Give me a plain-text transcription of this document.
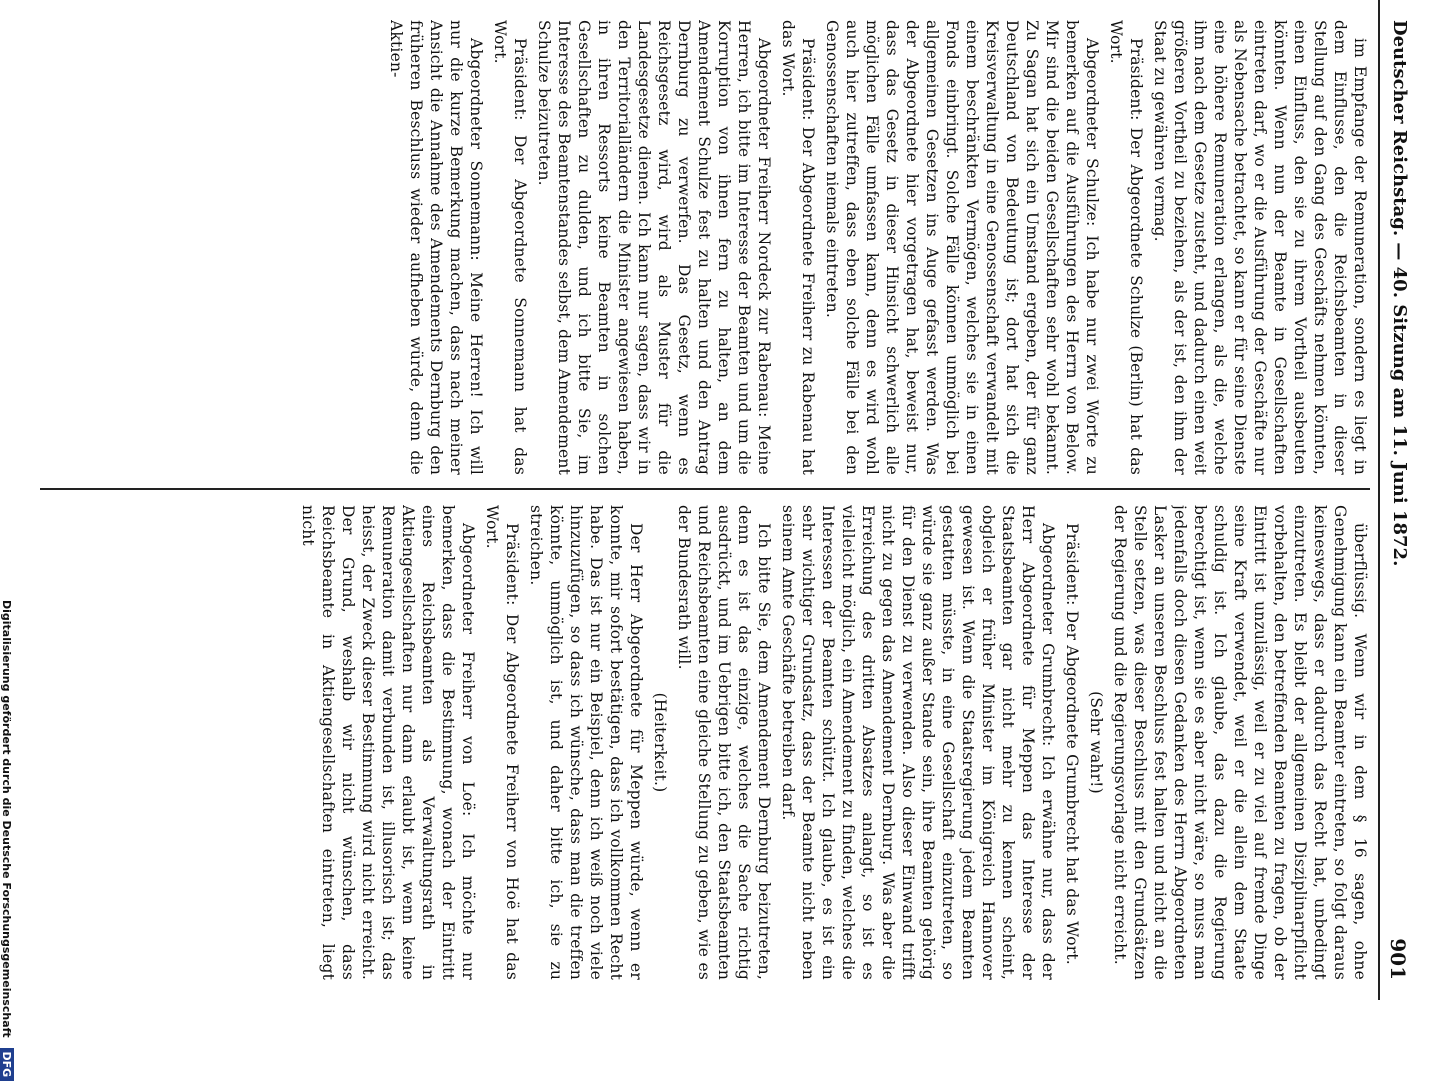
Deutscher Reichstag. — 40. Sitzung am 11. Juni 1872.
901

im Empfange der Remuneration, sondern es liegt in dem Einflusse, den die Reichsbeamten in dieser Stellung auf den Gang des Geschäfts nehmen könnten, einen Einfluss, den sie zu ihrem Vortheil ausbeuten könnten. Wenn nun der Beamte in Gesellschaften eintreten darf, wo er die Ausführung der Geschäfte nur als Nebensache betrachtet, so kann er für seine Dienste eine höhere Remuneration erlangen, als die, welche ihm nach dem Gesetze zusteht, und dadurch einen weit größeren Vortheil zu beziehen, als der ist, den ihm der Staat zu gewähren vermag.

Präsident: Der Abgeordnete Schulze (Berlin) hat das Wort.

Abgeordneter Schulze: Ich habe nur zwei Worte zu bemerken auf die Ausführungen des Herrn von Below. Mir sind die beiden Gesellschaften sehr wohl bekannt. Zu Sagan hat sich ein Umstand ergeben, der für ganz Deutschland von Bedeutung ist; dort hat sich die Kreisverwaltung in eine Genossenschaft verwandelt mit einem beschränkten Vermögen, welches sie in einen Fonds einbringt. Solche Fälle können unmöglich bei allgemeinen Gesetzen ins Auge gefasst werden. Was der Abgeordnete hier vorgetragen hat, beweist nur, dass das Gesetz in dieser Hinsicht schwerlich alle möglichen Fälle umfassen kann, denn es wird wohl auch hier zutreffen, dass eben solche Fälle bei den Genossenschaften niemals eintreten.

Präsident: Der Abgeordnete Freiherr zu Rabenau hat das Wort.

Abgeordneter Freiherr Nordeck zur Rabenau: Meine Herren, ich bitte im Interesse der Beamten und um die Korruption von ihnen fern zu halten, an dem Amendement Schulze fest zu halten und den Antrag Dernburg zu verwerfen. Das Gesetz, wenn es Reichsgesetz wird, wird als Muster für die Landesgesetze dienen. Ich kann nur sagen, dass wir in den Territorialländern die Minister angewiesen haben, in ihren Ressorts keine Beamten in solchen Gesellschaften zu dulden, und ich bitte Sie, im Interesse des Beamtenstandes selbst, dem Amendement Schulze beizutreten.

Präsident: Der Abgeordnete Sonnemann hat das Wort.

Abgeordneter Sonnemann: Meine Herren! Ich will nur die kurze Bemerkung machen, dass nach meiner Ansicht die Annahme des Amendements Dernburg den früheren Beschluss wieder aufheben würde, denn die Aktien-

überflüssig. Wenn wir in dem § 16 sagen, ohne Genehmigung kann ein Beamter eintreten, so folgt daraus keineswegs, dass er dadurch das Recht hat, unbedingt einzutreten. Es bleibt der allgemeinen Disziplinarpflicht vorbehalten, den betreffenden Beamten zu fragen, ob der Eintritt ist unzulässig, weil er zu viel auf fremde Dinge seine Kraft verwendet, weil er die allein dem Staate schuldig ist. Ich glaube, das dazu die Regierung berechtigt ist, wenn sie es aber nicht wäre, so muss man jedenfalls doch diesen Gedanken des Herrn Abgeordneten Lasker an unseren Beschluss fest halten und nicht an die Stelle setzen, was dieser Beschluss mit den Grundsätzen der Regierung und die Regierungsvorlage nicht erreicht.

(Sehr wahr!)

Präsident: Der Abgeordnete Grumbrecht hat das Wort.

Abgeordneter Grumbrecht: Ich erwähne nur, dass der Herr Abgeordnete für Meppen das Interesse der Staatsbeamten gar nicht mehr zu kennen scheint, obgleich er früher Minister im Königreich Hannover gewesen ist. Wenn die Staatsregierung jedem Beamten gestatten müsste, in eine Gesellschaft einzutreten, so würde sie ganz außer Stande sein, ihre Beamten gehörig für den Dienst zu verwenden. Also dieser Einwand trifft nicht zu gegen das Amendement Dernburg. Was aber die Erreichung des dritten Absatzes anlangt, so ist es vielleicht möglich, ein Amendement zu finden, welches die Interessen der Beamten schützt. Ich glaube, es ist ein sehr wichtiger Grundsatz, dass der Beamte nicht neben seinem Amte Geschäfte betreiben darf.

Ich bitte Sie, dem Amendement Dernburg beizutreten, denn es ist das einzige, welches die Sache richtig ausdrückt, und im Uebrigen bitte ich, den Staatsbeamten und Reichsbeamten eine gleiche Stellung zu geben, wie es der Bundesrath will.

(Heiterkeit.)

Der Herr Abgeordnete für Meppen würde, wenn er konnte, mir sofort bestätigen, dass ich vollkommen Recht habe. Das ist nur ein Beispiel, denn ich weiß noch viele hinzuzufügen, so dass ich wünsche, dass man die treffen könnte, unmöglich ist, und daher bitte ich, sie zu streichen.

Präsident: Der Abgeordnete Freiherr von Hoë hat das Wort.

Abgeordneter Freiherr von Loë: Ich möchte nur bemerken, dass die Bestimmung, wonach der Eintritt eines Reichsbeamten als Verwaltungsrath in Aktiengesellschaften nur dann erlaubt ist, wenn keine Remuneration damit verbunden ist, illusorisch ist; das heisst, der Zweck dieser Bestimmung wird nicht erreicht. Der Grund, weshalb wir nicht wünschen, dass Reichsbeamte in Aktiengesellschaften eintreten, liegt nicht

Digitalisierung gefördert durch die Deutsche Forschungsgemeinschaft DFG
